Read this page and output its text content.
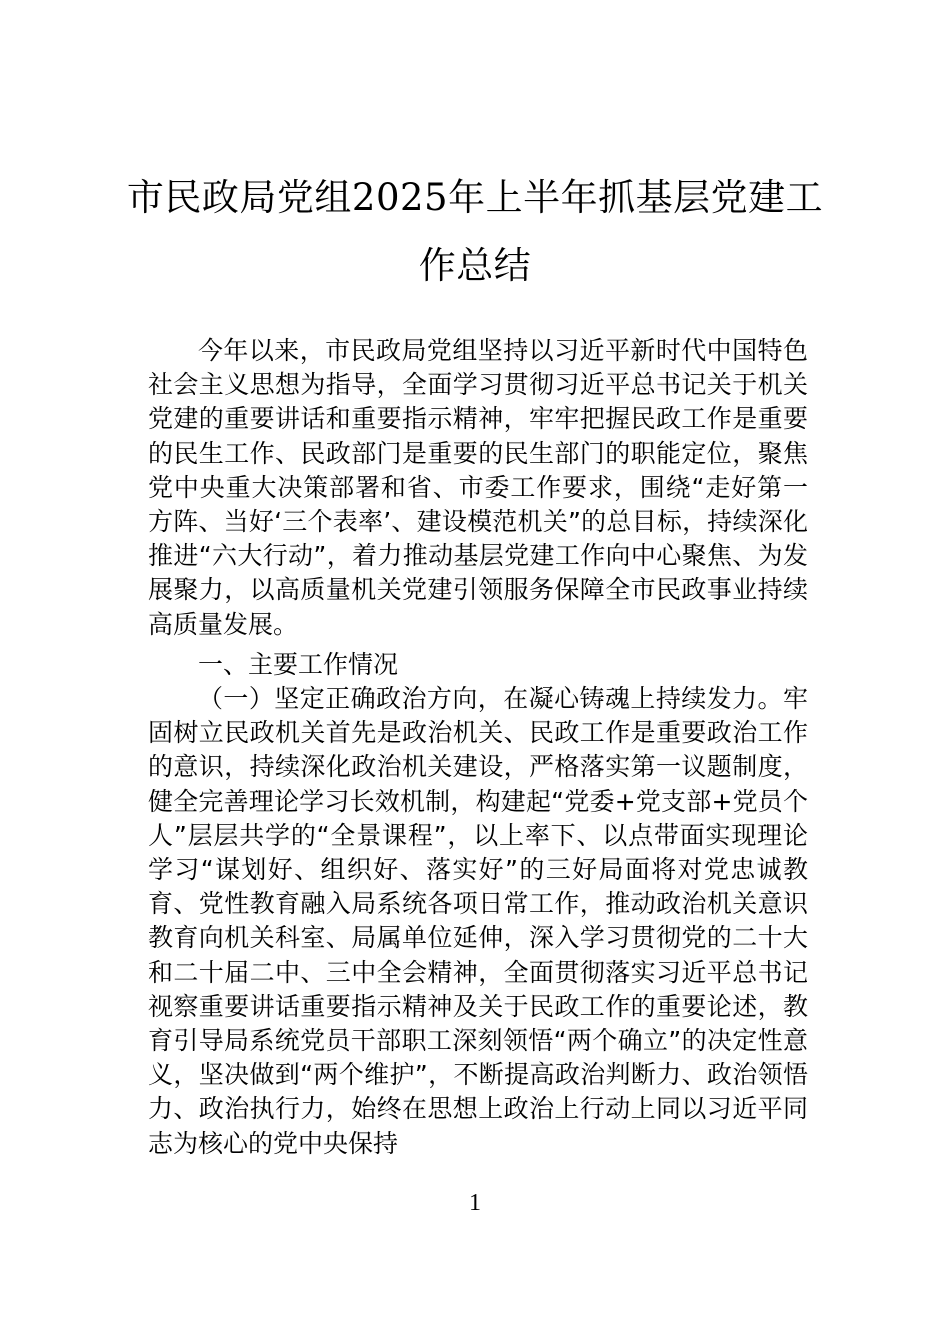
市民政局党组2025年上半年抓基层党建工
作总结
今年以来，市民政局党组坚持以习近平新时代中国特色社会主义思想为指导，全面学习贯彻习近平总书记关于机关党建的重要讲话和重要指示精神，牢牢把握民政工作是重要的民生工作、民政部门是重要的民生部门的职能定位，聚焦党中央重大决策部署和省、市委工作要求，围绕“走好第一方阵、当好‘三个表率’、建设模范机关”的总目标，持续深化推进“六大行动”，着力推动基层党建工作向中心聚焦、为发展聚力，以高质量机关党建引领服务保障全市民政事业持续高质量发展。
一、主要工作情况
（一）坚定正确政治方向，在凝心铸魂上持续发力。牢固树立民政机关首先是政治机关、民政工作是重要政治工作的意识，持续深化政治机关建设，严格落实第一议题制度，健全完善理论学习长效机制，构建起“党委+党支部+党员个人”层层共学的“全景课程”，以上率下、以点带面实现理论学习“谋划好、组织好、落实好”的三好局面将对党忠诚教育、党性教育融入局系统各项日常工作，推动政治机关意识教育向机关科室、局属单位延伸，深入学习贯彻党的二十大和二十届二中、三中全会精神，全面贯彻落实习近平总书记视察重要讲话重要指示精神及关于民政工作的重要论述，教育引导局系统党员干部职工深刻领悟“两个确立”的决定性意义，坚决做到“两个维护”，不断提高政治判断力、政治领悟力、政治执行力，始终在思想上政治上行动上同以习近平同志为核心的党中央保持
1
